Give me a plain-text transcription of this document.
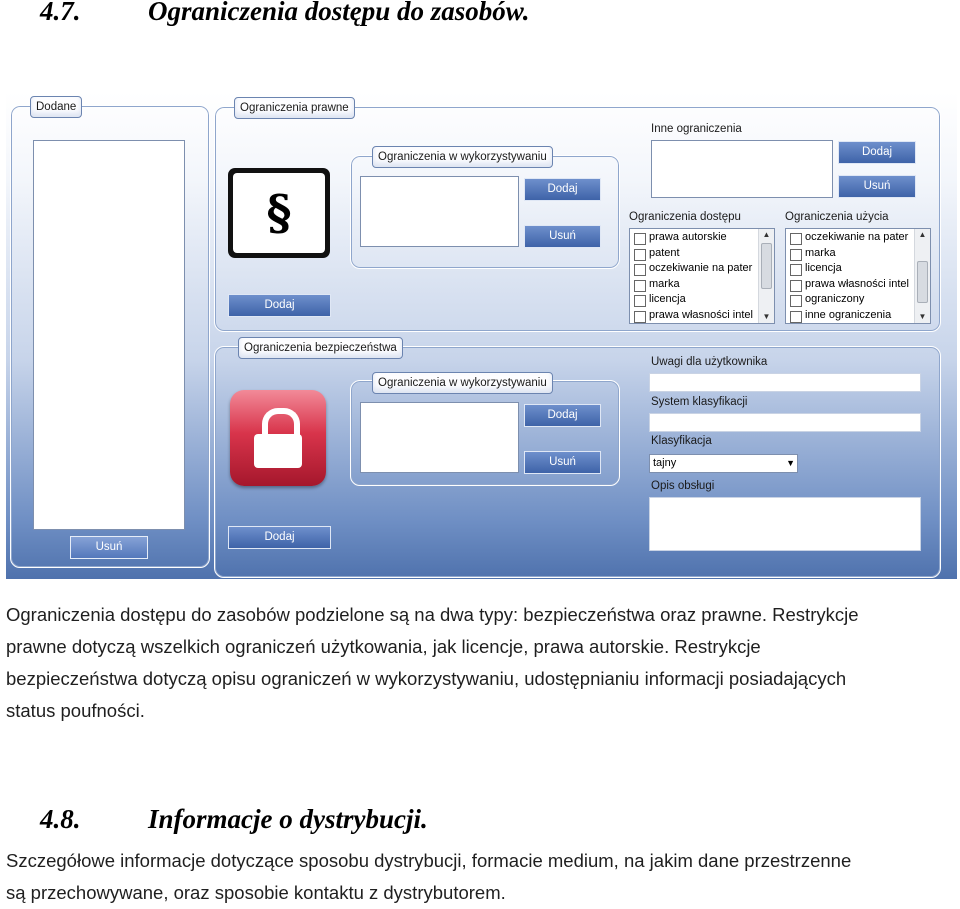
4.7.	Ograniczenia dostępu do zasobów.
Dodane
Usuń
Ograniczenia prawne
§
Dodaj
Ograniczenia w wykorzystywaniu
Dodaj
Usuń
Inne ograniczenia
Dodaj
Usuń
Ograniczenia dostępu
prawa autorskie
patent
oczekiwanie na pater
marka
licencja
prawa własności intel
▲
▼
Ograniczenia użycia
oczekiwanie na pater
marka
licencja
prawa własności intel
ograniczony
inne ograniczenia
▲
▼
Ograniczenia bezpieczeństwa
Dodaj
Ograniczenia w wykorzystywaniu
Dodaj
Usuń
Uwagi dla użytkownika
System klasyfikacji
Klasyfikacja
tajny	▼
Opis obsługi
Ograniczenia dostępu do zasobów podzielone są na dwa typy: bezpieczeństwa oraz prawne. Restrykcje
prawne dotyczą wszelkich ograniczeń użytkowania, jak licencje, prawa autorskie. Restrykcje
bezpieczeństwa dotyczą opisu ograniczeń w wykorzystywaniu, udostępnianiu informacji posiadających
status poufności.
4.8.	Informacje o dystrybucji.
Szczegółowe informacje dotyczące sposobu dystrybucji, formacie medium, na jakim dane przestrzenne
są przechowywane, oraz sposobie kontaktu z dystrybutorem.
